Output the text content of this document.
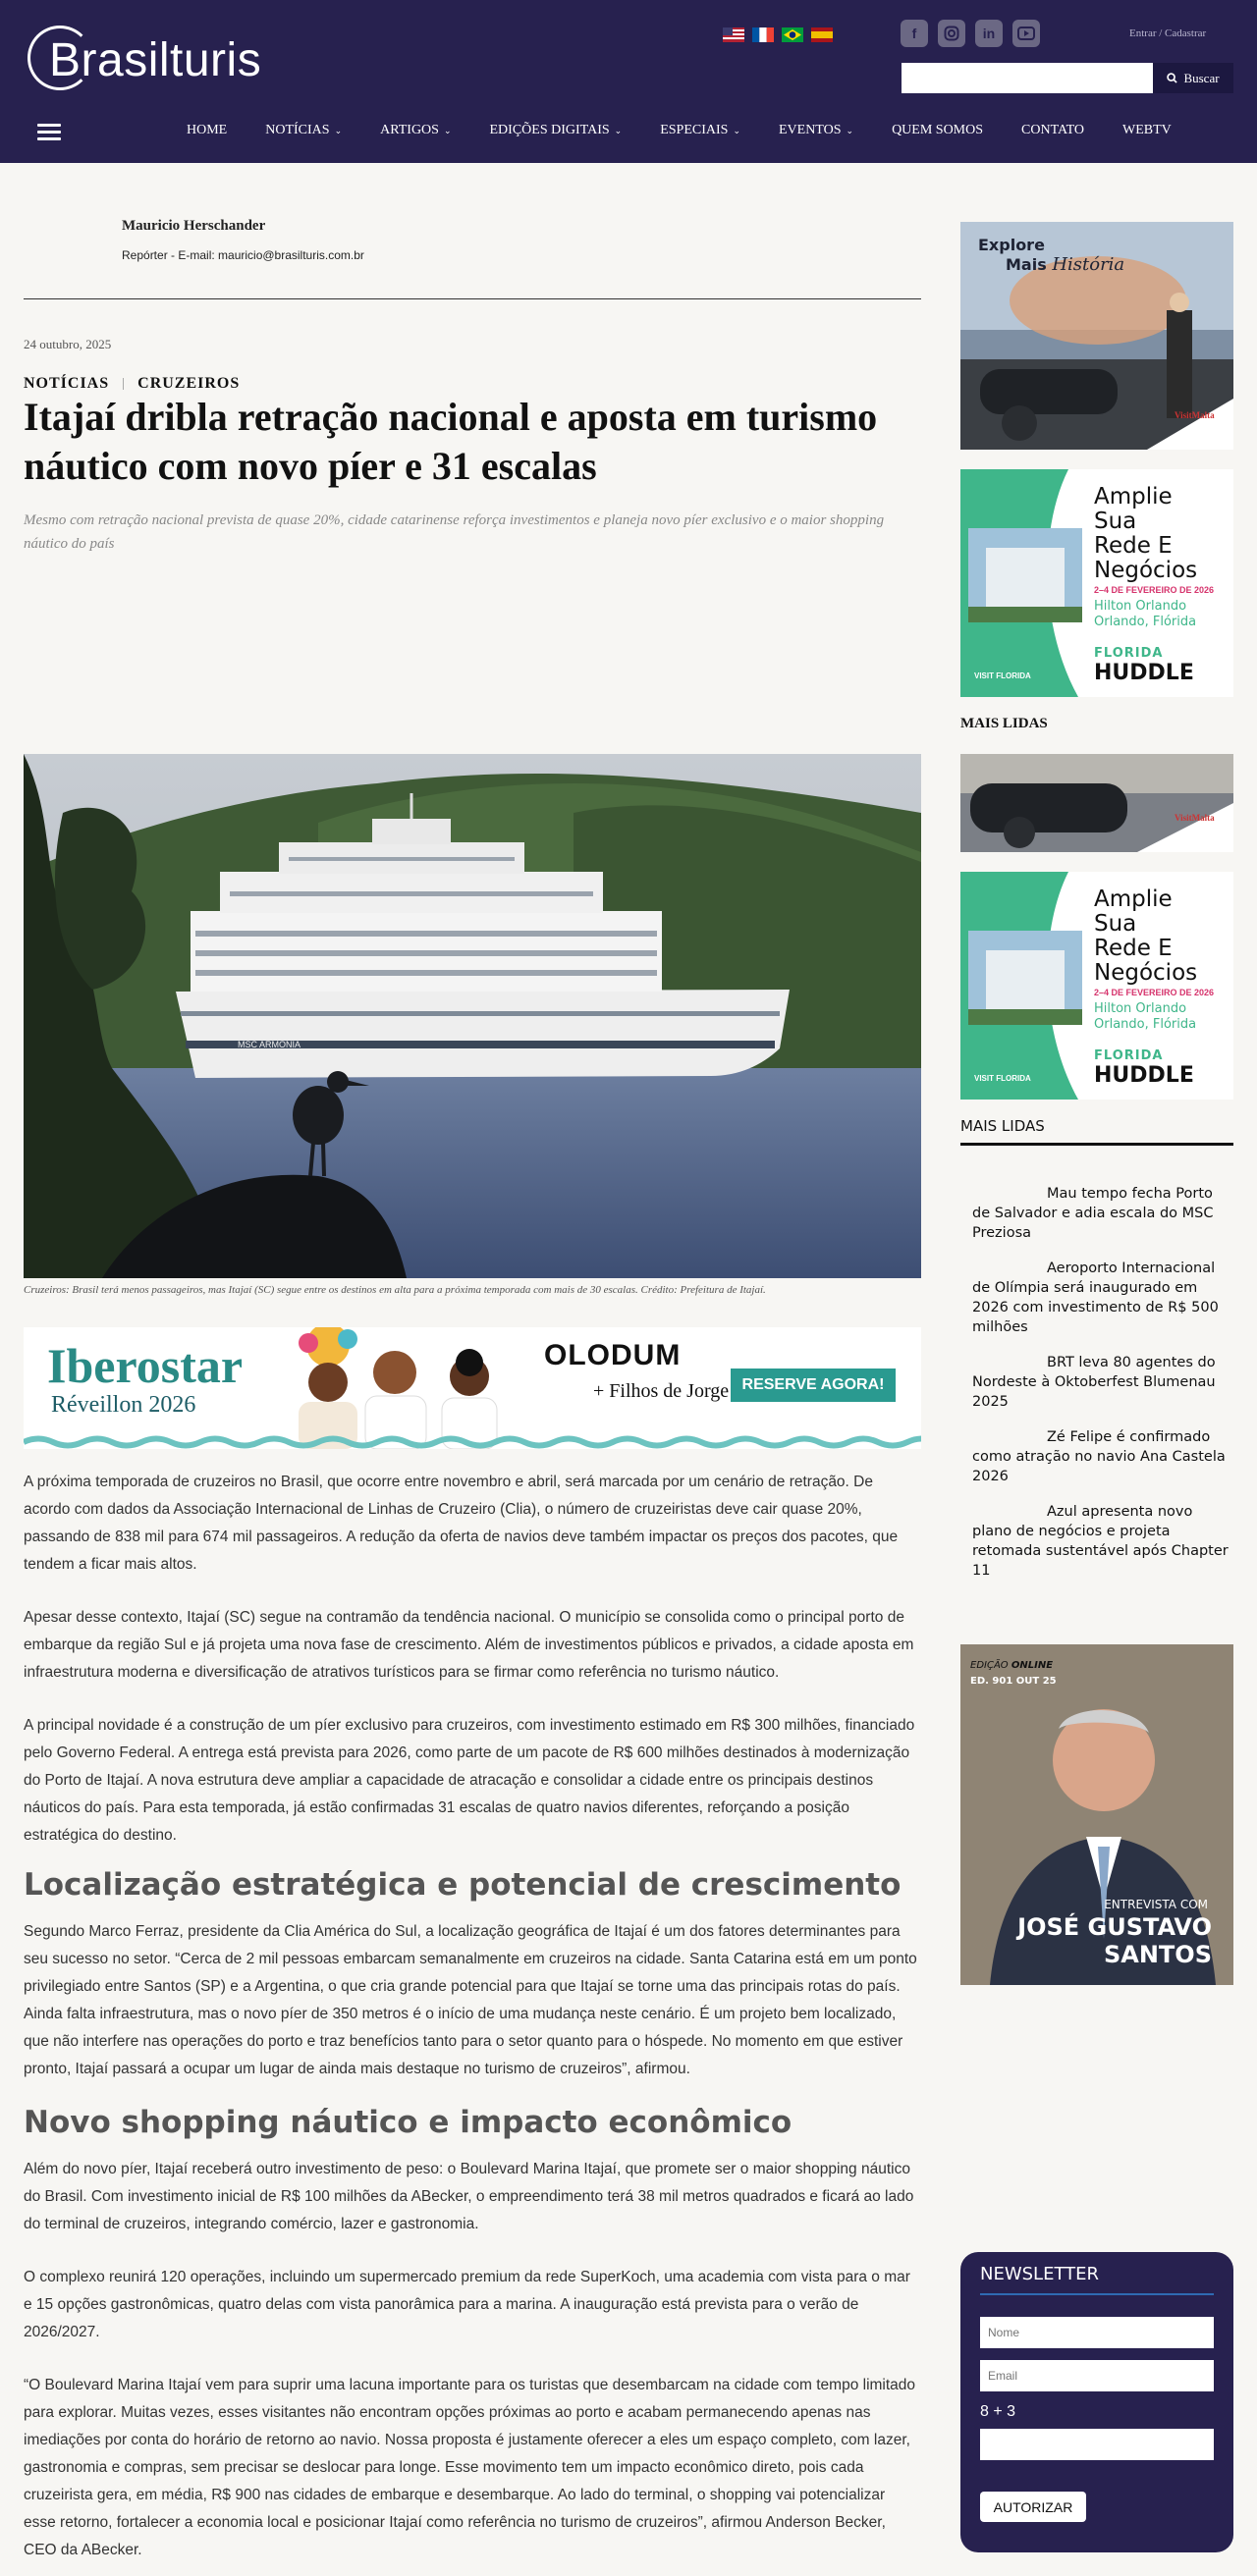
Brasilturis
f	in	Entrar / Cadastrar
Buscar
HOME	NOTÍCIAS ⌄	ARTIGOS ⌄	EDIÇÕES DIGITAIS ⌄	ESPECIAIS ⌄	EVENTOS ⌄	QUEM SOMOS	CONTATO	WEBTV
Mauricio Herschander
Repórter - E-mail: mauricio@brasilturis.com.br
24 outubro, 2025
NOTÍCIAS CRUZEIROS
Itajaí dribla retração nacional e aposta em turismo náutico com novo píer e 31 escalas

Mesmo com retração nacional prevista de quase 20%, cidade catarinense reforça investimentos e planeja novo píer exclusivo e o maior shopping náutico do país

MSC ARMONIA
Cruzeiros: Brasil terá menos passageiros, mas Itajaí (SC) segue entre os destinos em alta para a próxima temporada com mais de 30 escalas. Crédito: Prefeitura de Itajaí.
Iberostar
Réveillon 2026
OLODUM
+ Filhos de Jorge RESERVE AGORA!

A próxima temporada de cruzeiros no Brasil, que ocorre entre novembro e abril, será marcada por um cenário de retração. De acordo com dados da Associação Internacional de Linhas de Cruzeiro (Clia), o número de cruzeiristas deve cair quase 20%, passando de 838 mil para 674 mil passageiros. A redução da oferta de navios deve também impactar os preços dos pacotes, que tendem a ficar mais altos.

Apesar desse contexto, Itajaí (SC) segue na contramão da tendência nacional. O município se consolida como o principal porto de embarque da região Sul e já projeta uma nova fase de crescimento. Além de investimentos públicos e privados, a cidade aposta em infraestrutura moderna e diversificação de atrativos turísticos para se firmar como referência no turismo náutico.

A principal novidade é a construção de um píer exclusivo para cruzeiros, com investimento estimado em R$ 300 milhões, financiado pelo Governo Federal. A entrega está prevista para 2026, como parte de um pacote de R$ 600 milhões destinados à modernização do Porto de Itajaí. A nova estrutura deve ampliar a capacidade de atracação e consolidar a cidade entre os principais destinos náuticos do país. Para esta temporada, já estão confirmadas 31 escalas de quatro navios diferentes, reforçando a posição estratégica do destino.

Localização estratégica e potencial de crescimento

Segundo Marco Ferraz, presidente da Clia América do Sul, a localização geográfica de Itajaí é um dos fatores determinantes para seu sucesso no setor. “Cerca de 2 mil pessoas embarcam semanalmente em cruzeiros na cidade. Santa Catarina está em um ponto privilegiado entre Santos (SP) e a Argentina, o que cria grande potencial para que Itajaí se torne uma das principais rotas do país. Ainda falta infraestrutura, mas o novo píer de 350 metros é o início de uma mudança neste cenário. É um projeto bem localizado, que não interfere nas operações do porto e traz benefícios tanto para o setor quanto para o hóspede. No momento em que estiver pronto, Itajaí passará a ocupar um lugar de ainda mais destaque no turismo de cruzeiros”, afirmou.

Novo shopping náutico e impacto econômico

Além do novo píer, Itajaí receberá outro investimento de peso: o Boulevard Marina Itajaí, que promete ser o maior shopping náutico do Brasil. Com investimento inicial de R$ 100 milhões da ABecker, o empreendimento terá 38 mil metros quadrados e ficará ao lado do terminal de cruzeiros, integrando comércio, lazer e gastronomia.

O complexo reunirá 120 operações, incluindo um supermercado premium da rede SuperKoch, uma academia com vista para o mar e 15 opções gastronômicas, quatro delas com vista panorâmica para a marina. A inauguração está prevista para o verão de 2026/2027.

“O Boulevard Marina Itajaí vem para suprir uma lacuna importante para os turistas que desembarcam na cidade com tempo limitado para explorar. Muitas vezes, esses visitantes não encontram opções próximas ao porto e acabam permanecendo apenas nas imediações por conta do horário de retorno ao navio. Nossa proposta é justamente oferecer a eles um espaço completo, com lazer, gastronomia e compras, sem precisar se deslocar para longe. Esse movimento tem um impacto econômico direto, pois cada cruzeirista gera, em média, R$ 900 nas cidades de embarque e desembarque. Ao lado do terminal, o shopping vai potencializar esse retorno, fortalecer a economia local e posicionar Itajaí como referência no turismo de cruzeiros”, afirmou Anderson Becker, CEO da ABecker.

Explore
Mais História
VisitMalta
Amplie
Sua
Rede E
Negócios
2–4 DE FEVEREIRO DE 2026
Hilton Orlando
Orlando, Flórida
FLORIDA
HUDDLE
VISIT FLORIDA
MAIS LIDAS
VisitMalta
Amplie
Sua
Rede E
Negócios
2–4 DE FEVEREIRO DE 2026
Hilton Orlando
Orlando, Flórida
FLORIDA
HUDDLE
VISIT FLORIDA
MAIS LIDAS
Mau tempo fecha Porto de Salvador e adia escala do MSC Preziosa
Aeroporto Internacional de Olímpia será inaugurado em 2026 com investimento de R$ 500 milhões
BRT leva 80 agentes do Nordeste à Oktoberfest Blumenau 2025
Zé Felipe é confirmado como atração no navio Ana Castela 2026
Azul apresenta novo plano de negócios e projeta retomada sustentável após Chapter 11
EDIÇÃO ONLINE
ED. 901 OUT 25
ENTREVISTA COM
JOSÉ GUSTAVO
SANTOS
NEWSLETTER
Nome
Email
8 + 3
AUTORIZAR
